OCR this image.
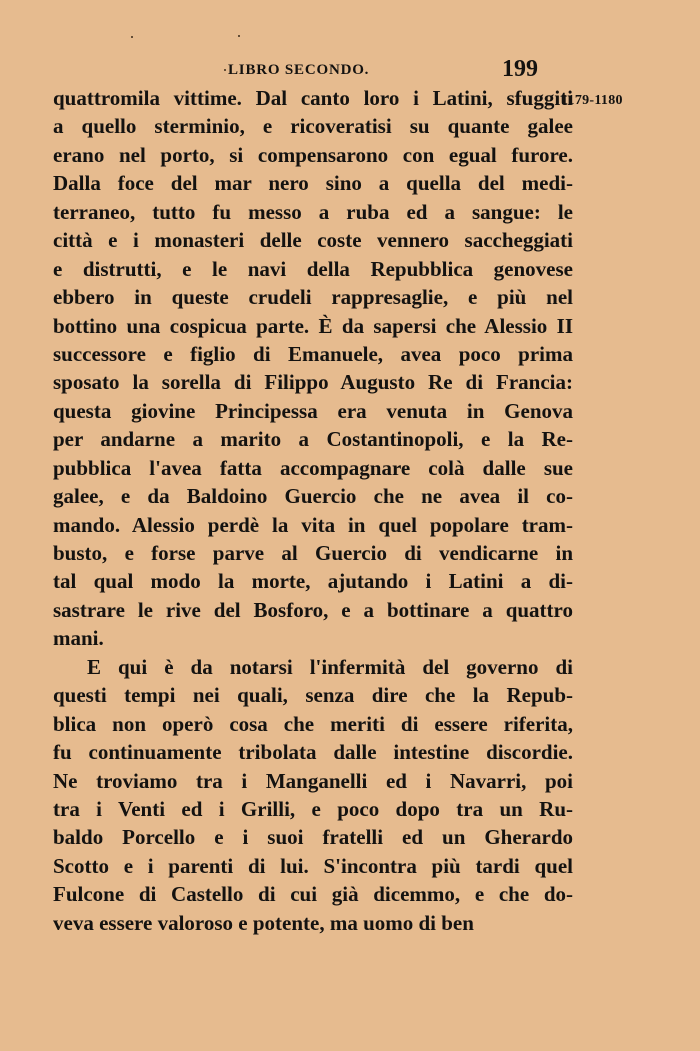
LIBRO SECONDO.	199
1179-1180
quattromila vittime. Dal canto loro i Latini, sfuggiti
a quello sterminio, e ricoveratisi su quante galee
erano nel porto, si compensarono con egual furore.
Dalla foce del mar nero sino a quella del medi-
terraneo, tutto fu messo a ruba ed a sangue: le
città e i monasteri delle coste vennero saccheggiati
e distrutti, e le navi della Repubblica genovese
ebbero in queste crudeli rappresaglie, e più nel
bottino una cospicua parte. È da sapersi che Alessio II
successore e figlio di Emanuele, avea poco prima
sposato la sorella di Filippo Augusto Re di Francia:
questa giovine Principessa era venuta in Genova
per andarne a marito a Costantinopoli, e la Re-
pubblica l'avea fatta accompagnare colà dalle sue
galee, e da Baldoino Guercio che ne avea il co-
mando. Alessio perdè la vita in quel popolare tram-
busto, e forse parve al Guercio di vendicarne in
tal qual modo la morte, ajutando i Latini a di-
sastrare le rive del Bosforo, e a bottinare a quattro
mani.
E qui è da notarsi l'infermità del governo di
questi tempi nei quali, senza dire che la Repub-
blica non operò cosa che meriti di essere riferita,
fu continuamente tribolata dalle intestine discordie.
Ne troviamo tra i Manganelli ed i Navarri, poi
tra i Venti ed i Grilli, e poco dopo tra un Ru-
baldo Porcello e i suoi fratelli ed un Gherardo
Scotto e i parenti di lui. S'incontra più tardi quel
Fulcone di Castello di cui già dicemmo, e che do-
veva essere valoroso e potente, ma uomo di ben
